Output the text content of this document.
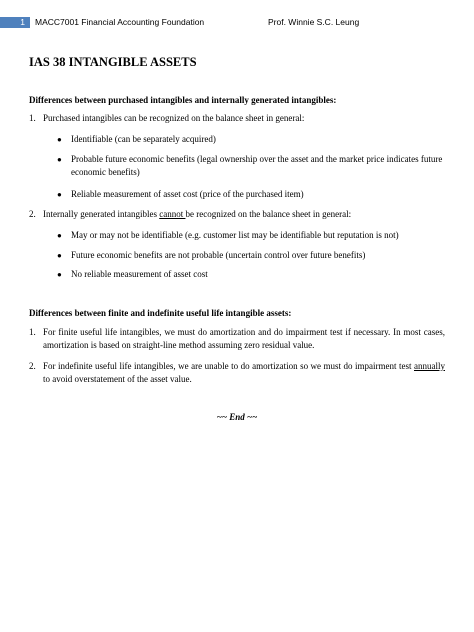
1	MACC7001 Financial Accounting Foundation	Prof. Winnie S.C. Leung
IAS 38 INTANGIBLE ASSETS
Differences between purchased intangibles and internally generated intangibles:
1. Purchased intangibles can be recognized on the balance sheet in general:
● Identifiable (can be separately acquired)
● Probable future economic benefits (legal ownership over the asset and the market price indicates future economic benefits)
● Reliable measurement of asset cost (price of the purchased item)
2. Internally generated intangibles cannot be recognized on the balance sheet in general:
● May or may not be identifiable (e.g. customer list may be identifiable but reputation is not)
● Future economic benefits are not probable (uncertain control over future benefits)
● No reliable measurement of asset cost
Differences between finite and indefinite useful life intangible assets:
1. For finite useful life intangibles, we must do amortization and do impairment test if necessary. In most cases, amortization is based on straight-line method assuming zero residual value.
2. For indefinite useful life intangibles, we are unable to do amortization so we must do impairment test annually to avoid overstatement of the asset value.
~~ End ~~
